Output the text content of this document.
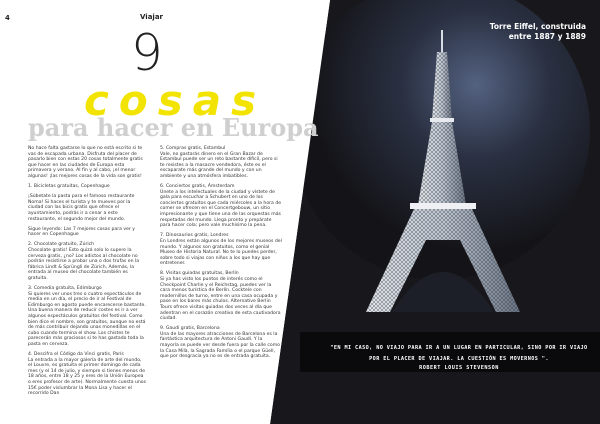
Torre Eiffel, construida
entre 1887 y 1889
"EN MI CASO, NO VIAJO PARA IR A UN LUGAR EN PARTICULAR, SINO POR IR VIAJO POR EL PLACER DE VIAJAR. LA CUESTIÓN ES MOVERNOS ".
ROBERT LOUIS STEVENSON
4	Viajar
9
cosas
para hacer en Europa

No hace falta gastarse lo que no está escrito si te vas de escapada urbana. Disfruta del placer de pasarlo bien con estas 20 cosas totalmente gratis que hacer en las ciudades de Europa esta primavera y verano. Al fin y al cabo, ¡el menor algunas! ¡las mejores cosas de la vida son gratis!

1. Bicicletas gratuitas, Copenhague

¡Súbetate la pasta para el famoso restaurante Noma! Si haces el turista y te mueves por la ciudad con las bicis gratis que ofrece el ayuntamiento, podrás ir a cenar a este restaurante, el segundo mejor del mundo.

Sigue leyendo: Las 7 mejores cosas para ver y hacer en Copenhague

2. Chocolate gratuito, Zúrich
Chocolate gratis! Esto quizá solo lo supere la cerveza gratis, ¿no? Los adictos al chocolate no podrán resistirse a probar una o dos trufas en la fábrica Lindt & Sprüngli de Zúrich, Además, la entrada al museo del chocolate también es gratuita.

3. Comedia gratuita, Edimburgo
Si quieres ver unos tres o cuatro espectáculos de media en un día, el precio de ir al Festival de Edimburgo en agosto puede encarecerse bastante. Una buena manera de reducir costes es ir a ver algunos espectáculos gratuitos del festival. Como bien dice el nombre, son gratuitos, aunque no está de más contribuir dejando unas monedillas en el cubo cuando termina el show. Los chistes te parecerán más graciosos si te has gastado toda la pasta en cerveza.

4. Descifra el Código da Vinci gratis, París
La entrada a la mayor galería de arte del mundo, el Louvre, es gratuita el primer domingo de cada mes (y el 14 de julio, y siempre si tienes menos de 18 años, entre 18 y 25 y eres de la Unión Europea o eres profesor de arte). Normalmente cuesta unos 15€ poder vislumbrar la Mona Lisa y hacer el recorrido Dan

5. Compras gratis, Estambul
Vale, no gastarás dinero en el Gran Bazar de Estambul puede ser un reto bastante difícil, pero si te resistes a la masacre vendedora, éste es el escaparate más grande del mundo y con un ambiente y una atmósfera imbatibles.

6. Conciertos gratis, Ámsterdam
Únete a los intelectuales de la ciudad y vístete de gala para escuchar a Schubert en uno de los conciertos gratuitos que cada miércoles a la hora de comer se ofrecen en el Concertgebouw, un sitio impresionante y que tiene una de las orquestas más respetadas del mundo. Llega pronto y prepárate para hacer cola; pero vale muchísimo la pena.

7. Dinosaurios gratis, Londres
En Londres están algunos de los mejores museos del mundo. Y algunos son gratuitos, como el genial Museo de Historia Natural. No te lo puedes perder, sobre todo si viajas con niños a los que hay que entretener.

8. Visitas guiadas gratuitas, Berlín
Si ya has visto los puntos de interés como el Checkpoint Charlie y el Reichstag, puedes ver la cara menos turística de Berlín. Cocktele con modernillos de turno, entre en una casa ocupada y pase en los bares más chulos. Alternative Berlin Tours ofrece visitas guiadas dos veces al día que adentran en el corazón creativo de esta cautivadora ciudad.

9. Gaudí gratis, Barcelona
Una de las mayores atracciones de Barcelona es la fantástica arquitectura de Antoni Gaudí. Y la mayoría se puede ver desde fuera por la calle como la Casa Milà, la Sagrada Família o el parque Güell, que por desgracia ya no es de entrada gratuita.
